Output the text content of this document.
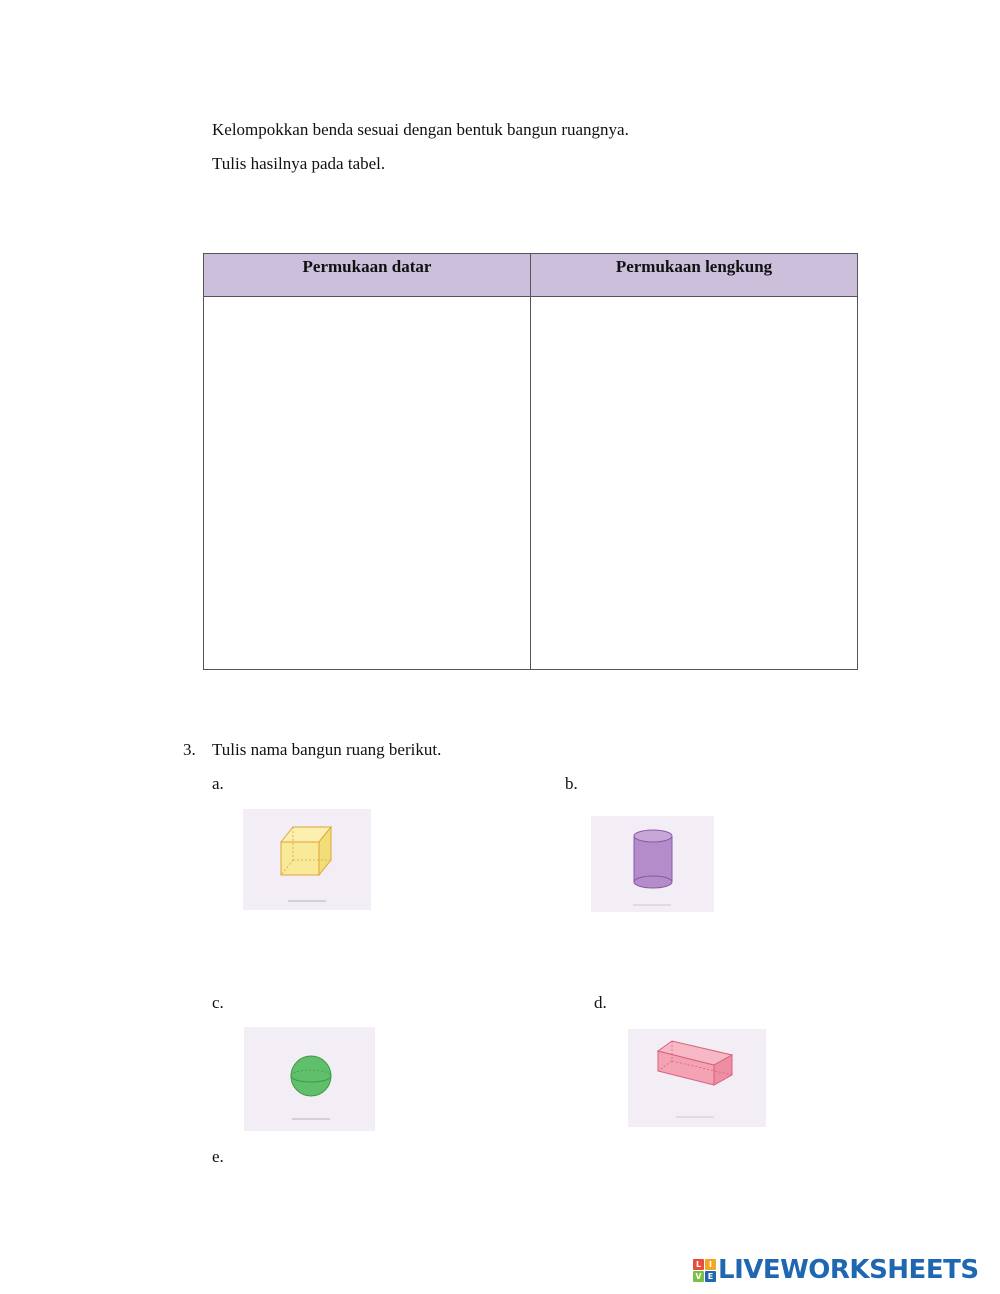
Kelompokkan benda sesuai dengan bentuk bangun ruangnya.
Tulis hasilnya pada tabel.
Permukaan datar	Permukaan lengkung

3. Tulis nama bangun ruang berikut.
a.	b.
c.	d.
e.
L I
V E LIVEWORKSHEETS
